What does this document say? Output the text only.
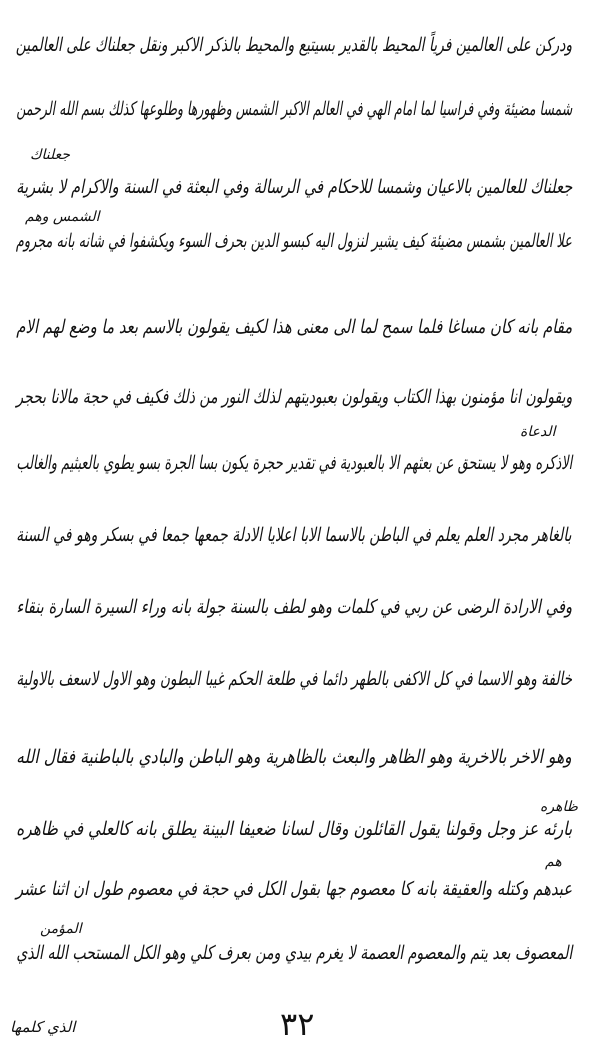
ودركن على العالمين فرياً المحيط بالقدير بسيتيع والمحيط بالذكر الاكبر ونقل جعلناك على العالمين
شمسا مضيئة وفي فراسيا لما امام الهي في العالم الاكبر الشمس وظهورها وطلوعها كذلك بسم الله الرحمن
جعلناك للعالمين بالاعيان وشمسا للاحكام في الرسالة وفي البعثة في السنة والاكرام لا بشرية
علا العالمين بشمس مضيئة كيف يشير لنزول اليه كبسو الدين بحرف السوء ويكشفوا في شانه بانه مجروم
مقام بانه كان مساغا فلما سمح لما الى معنى هذا لكيف يقولون بالاسم بعد ما وضع لهم الام
ويقولون انا مؤمنون بهذا الكتاب ويقولون بعبوديتهم لذلك النور من ذلك فكيف في حجة مالانا بحجر
الاذكره وهو لا يستحق عن بعثهم الا بالعبودية في تقدير حجرة يكون بسا الجرة بسو يطوي بالعبثيم والغالب
بالغاهر مجرد العلم يعلم في الباطن بالاسما الابا اعلايا الادلة جمعها جمعا في بسكر وهو في السنة
وفي الارادة الرضى عن ربي في كلمات وهو لطف بالسنة جولة بانه وراء السيرة السارة بنقاء
خالفة وهو الاسما في كل الاكفى بالطهر دائما في طلعة الحكم غيبا البطون وهو الاول لاسعف بالاولية
وهو الاخر بالاخرية وهو الظاهر والبعث بالظاهرية وهو الباطن والبادي بالباطنية فقال الله
بارئه عز وجل وقولنا يقول القائلون وقال لسانا ضعيفا البينة يطلق بانه كالعلي في ظاهره
عبدهم وكتله والعقيقة بانه كا معصوم جها بقول الكل في حجة في معصوم طول ان اثنا عشر
المعصوف بعد يتم والمعصوم العصمة لا يغرم بيدي ومن بعرف كلي وهو الكل المستحب الله الذي
جعلناك
الشمس وهم
الدعاة
ظاهره
هم
المؤمن
٣٢
الذي كلمها
